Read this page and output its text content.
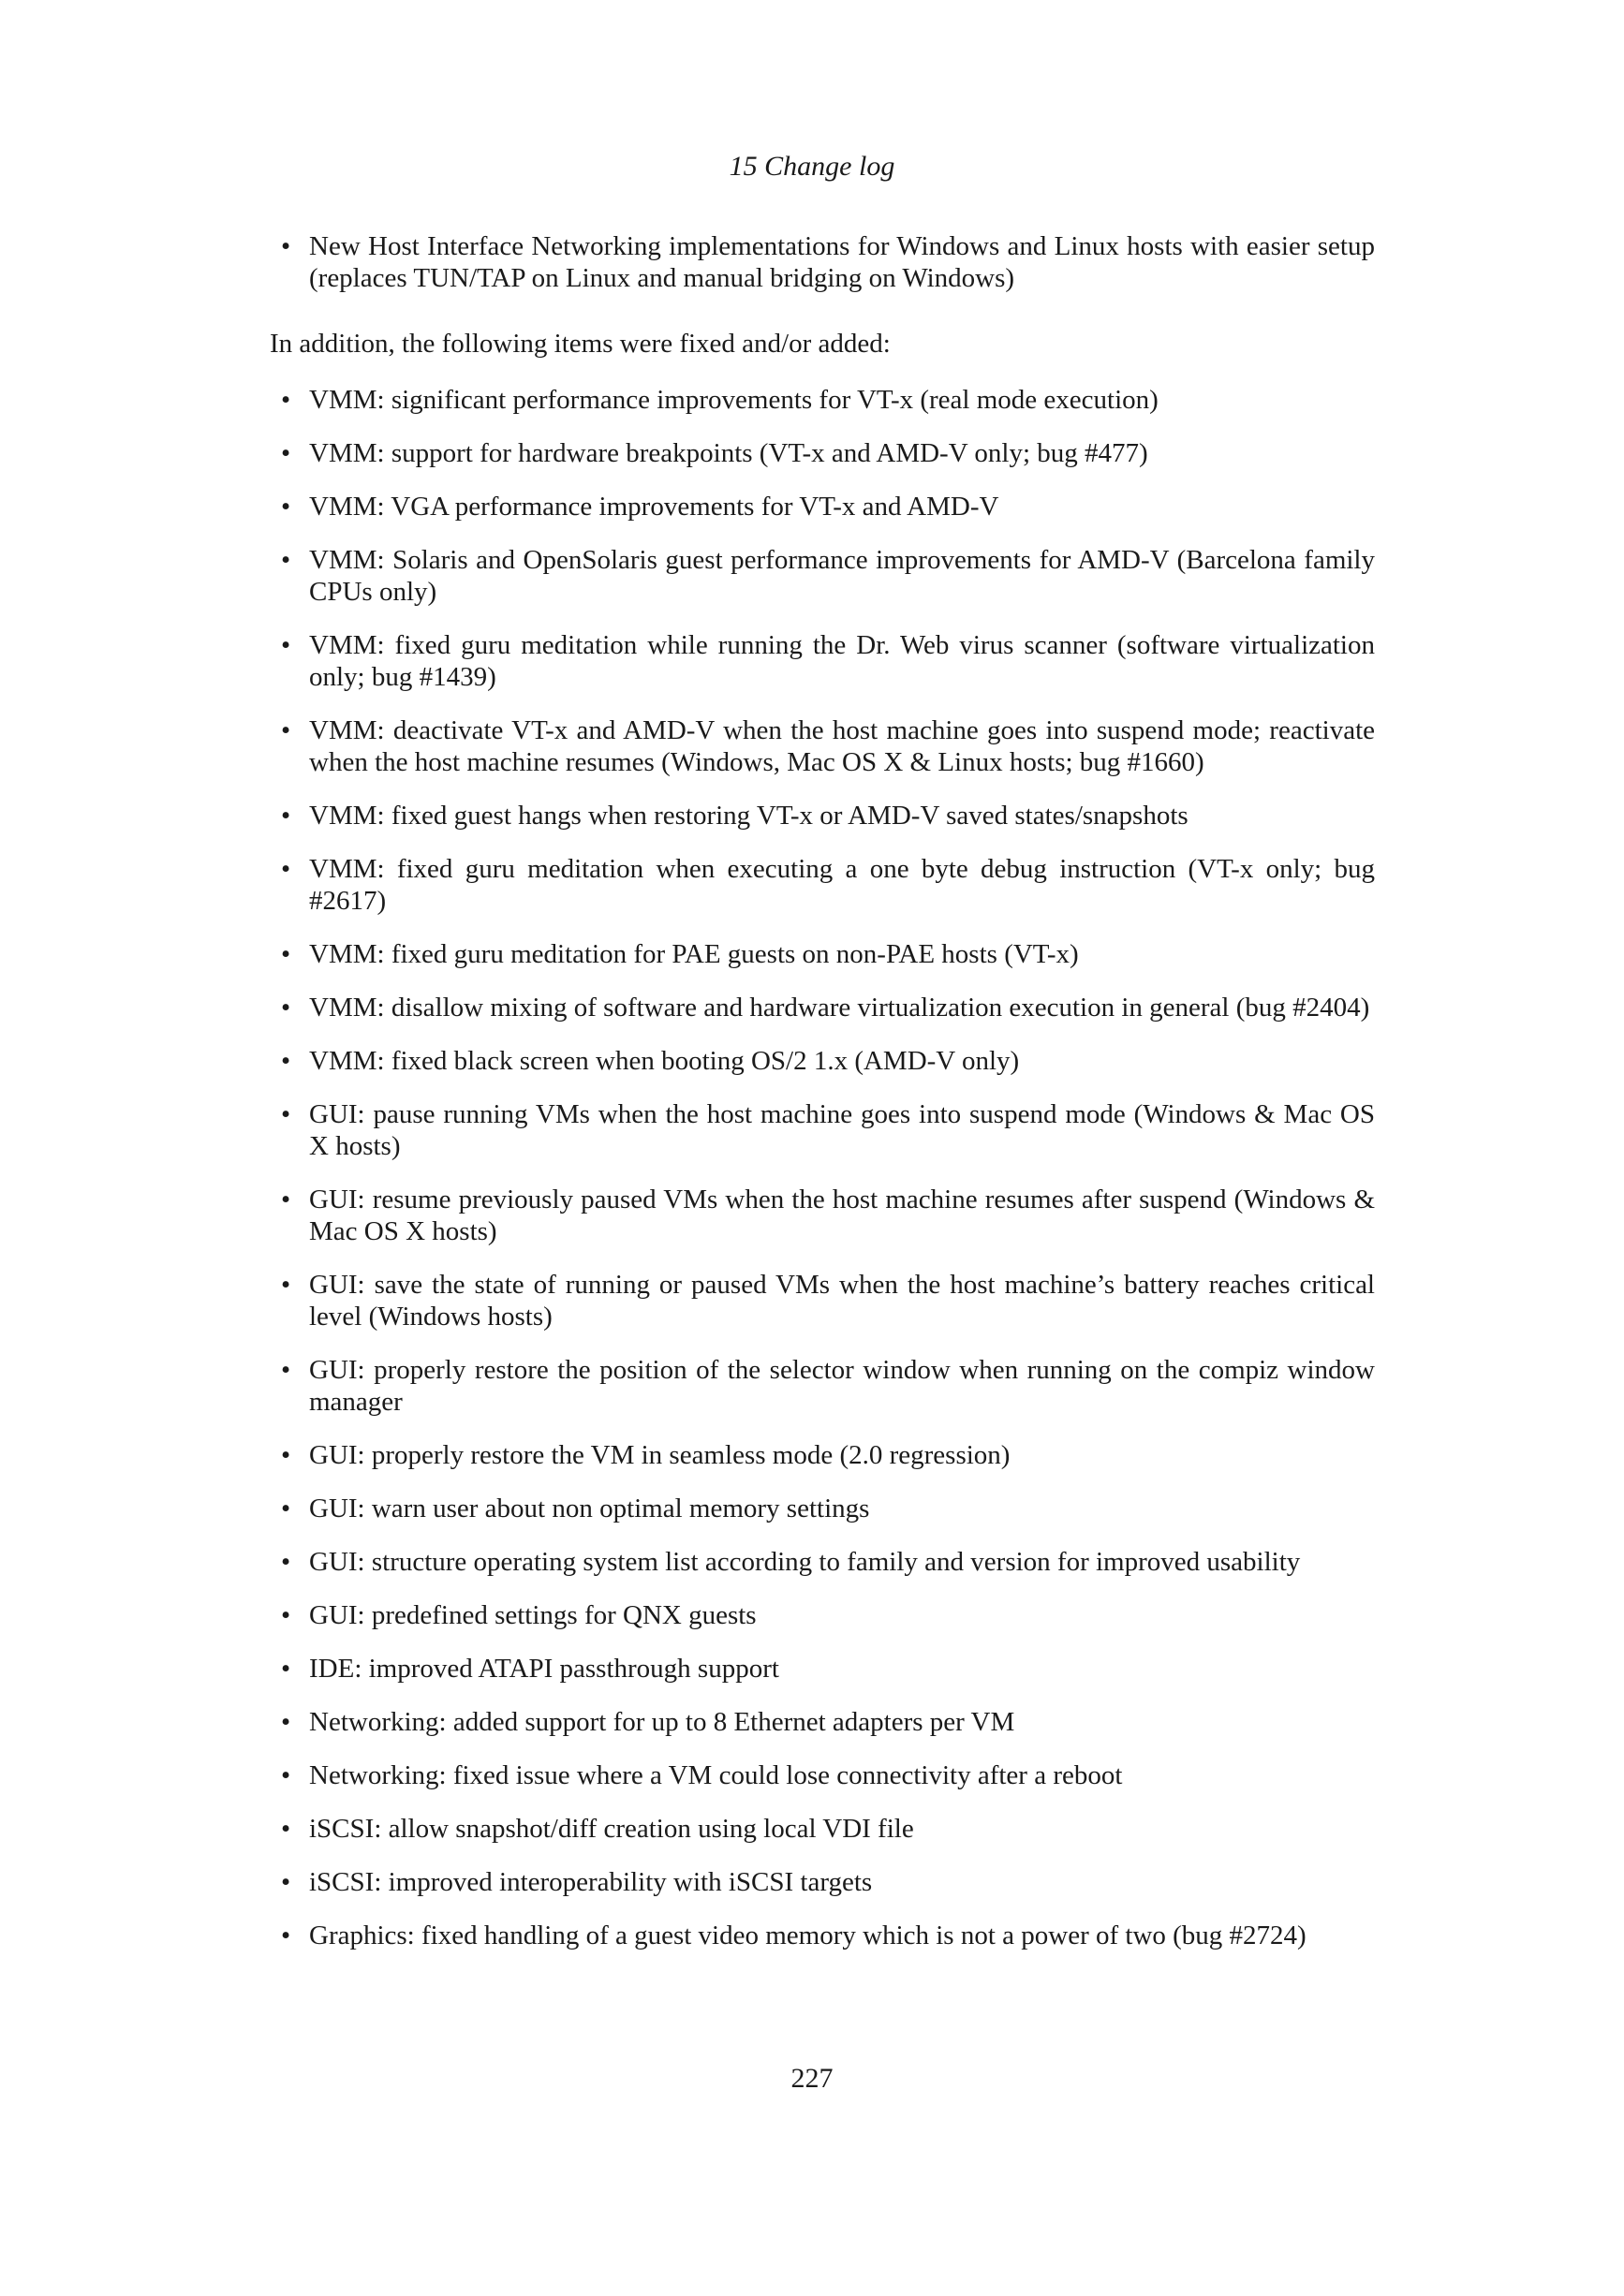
15 Change log
• New Host Interface Networking implementations for Windows and Linux hosts with easier setup (replaces TUN/TAP on Linux and manual bridging on Windows)

In addition, the following items were fixed and/or added:

• VMM: significant performance improvements for VT-x (real mode execution)
• VMM: support for hardware breakpoints (VT-x and AMD-V only; bug #477)
• VMM: VGA performance improvements for VT-x and AMD-V
• VMM: Solaris and OpenSolaris guest performance improvements for AMD-V (Barcelona family CPUs only)
• VMM: fixed guru meditation while running the Dr. Web virus scanner (software virtualization only; bug #1439)
• VMM: deactivate VT-x and AMD-V when the host machine goes into suspend mode; reactivate when the host machine resumes (Windows, Mac OS X & Linux hosts; bug #1660)
• VMM: fixed guest hangs when restoring VT-x or AMD-V saved states/snapshots
• VMM: fixed guru meditation when executing a one byte debug instruction (VT-x only; bug #2617)
• VMM: fixed guru meditation for PAE guests on non-PAE hosts (VT-x)
• VMM: disallow mixing of software and hardware virtualization execution in general (bug #2404)
• VMM: fixed black screen when booting OS/2 1.x (AMD-V only)
• GUI: pause running VMs when the host machine goes into suspend mode (Windows & Mac OS X hosts)
• GUI: resume previously paused VMs when the host machine resumes after suspend (Windows & Mac OS X hosts)
• GUI: save the state of running or paused VMs when the host machine’s battery reaches critical level (Windows hosts)
• GUI: properly restore the position of the selector window when running on the compiz window manager
• GUI: properly restore the VM in seamless mode (2.0 regression)
• GUI: warn user about non optimal memory settings
• GUI: structure operating system list according to family and version for improved usability
• GUI: predefined settings for QNX guests
• IDE: improved ATAPI passthrough support
• Networking: added support for up to 8 Ethernet adapters per VM
• Networking: fixed issue where a VM could lose connectivity after a reboot
• iSCSI: allow snapshot/diff creation using local VDI file
• iSCSI: improved interoperability with iSCSI targets
• Graphics: fixed handling of a guest video memory which is not a power of two (bug #2724)
227
